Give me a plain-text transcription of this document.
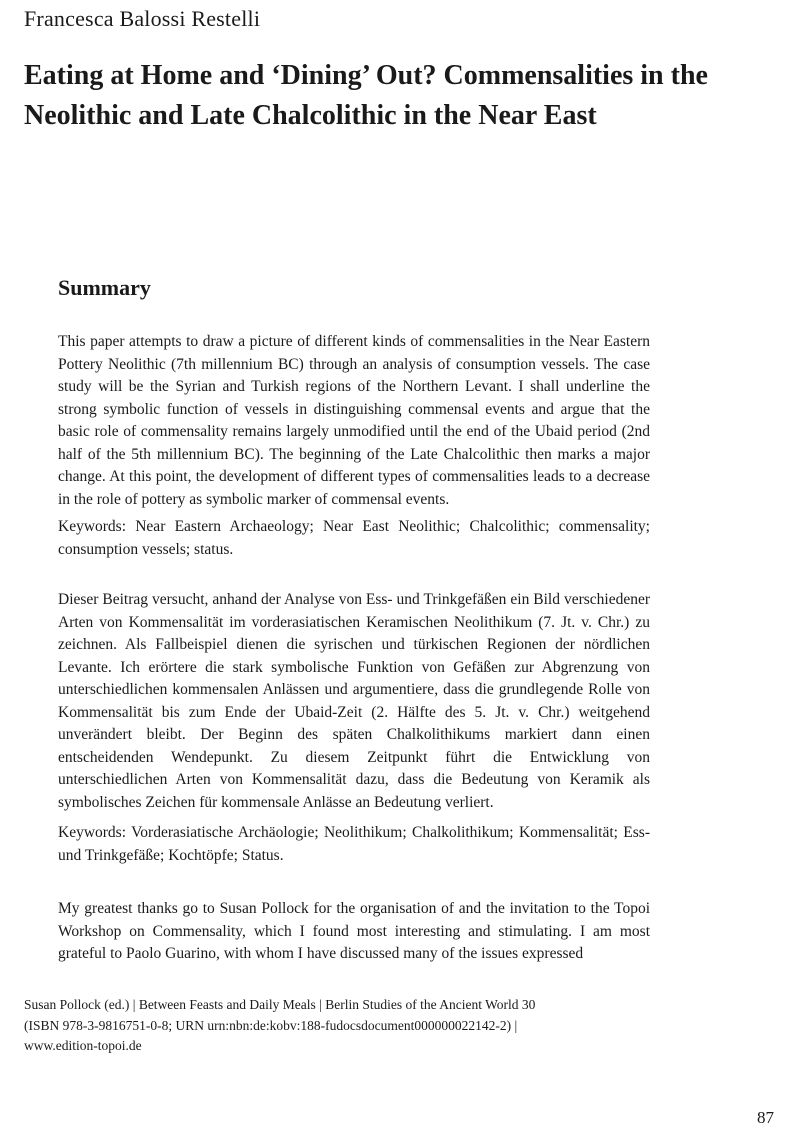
Francesca Balossi Restelli
Eating at Home and ‘Dining’ Out? Commensalities in the Neolithic and Late Chalcolithic in the Near East
Summary

This paper attempts to draw a picture of different kinds of commensalities in the Near Eastern Pottery Neolithic (7th millennium BC) through an analysis of consumption vessels. The case study will be the Syrian and Turkish regions of the Northern Levant. I shall underline the strong symbolic function of vessels in distinguishing commensal events and argue that the basic role of commensality remains largely unmodified until the end of the Ubaid period (2nd half of the 5th millennium BC). The beginning of the Late Chalcolithic then marks a major change. At this point, the development of different types of commensalities leads to a decrease in the role of pottery as symbolic marker of commensal events.

Keywords: Near Eastern Archaeology; Near East Neolithic; Chalcolithic; commensality; consumption vessels; status.

Dieser Beitrag versucht, anhand der Analyse von Ess- und Trinkgefäßen ein Bild verschiedener Arten von Kommensalität im vorderasiatischen Keramischen Neolithikum (7. Jt. v. Chr.) zu zeichnen. Als Fallbeispiel dienen die syrischen und türkischen Regionen der nördlichen Levante. Ich erörtere die stark symbolische Funktion von Gefäßen zur Abgrenzung von unterschiedlichen kommensalen Anlässen und argumentiere, dass die grundlegende Rolle von Kommensalität bis zum Ende der Ubaid-Zeit (2. Hälfte des 5. Jt. v. Chr.) weitgehend unverändert bleibt. Der Beginn des späten Chalkolithikums markiert dann einen entscheidenden Wendepunkt. Zu diesem Zeitpunkt führt die Entwicklung von unterschiedlichen Arten von Kommensalität dazu, dass die Bedeutung von Keramik als symbolisches Zeichen für kommensale Anlässe an Bedeutung verliert.

Keywords: Vorderasiatische Archäologie; Neolithikum; Chalkolithikum; Kommensalität; Ess- und Trinkgefäße; Kochtöpfe; Status.

My greatest thanks go to Susan Pollock for the organisation of and the invitation to the Topoi Workshop on Commensality, which I found most interesting and stimulating. I am most grateful to Paolo Guarino, with whom I have discussed many of the issues expressed

Susan Pollock (ed.) | Between Feasts and Daily Meals | Berlin Studies of the Ancient World 30
(ISBN 978-3-9816751-0-8; URN urn:nbn:de:kobv:188-fudocsdocument000000022142-2) |
www.edition-topoi.de
87
